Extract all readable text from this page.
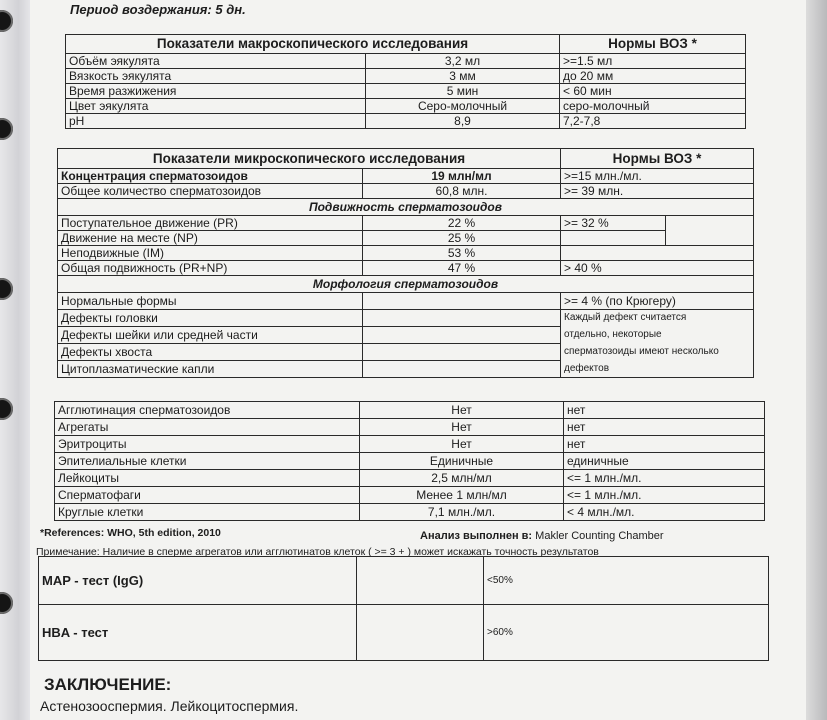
Период воздержания: 5 дн.
Показатели макроскопического исследования		Нормы ВОЗ *
Объём эякулята	3,2 мл	>=1.5 мл
Вязкость эякулята	3 мм	до 20 мм
Время разжижения	5 мин	< 60 мин
Цвет эякулята	Серо-молочный	серо-молочный
pH	8,9	7,2-7,8
Показатели микроскопического исследования		Нормы ВОЗ *	
Концентрация сперматозоидов	19 млн/мл	>=15 млн./мл.	
Общее количество сперматозоидов	60,8 млн.	>= 39 млн.	
Подвижность сперматозоидов			
Поступательное движение (PR)	22 %	>= 32 %	
Движение на месте (NP)	25 %		
Неподвижные (IM)	53 %		
Общая подвижность (PR+NP)	47 %	> 40 %	
Морфология сперматозоидов			
Нормальные формы		>= 4 % (по Крюгеру)	
Дефекты головки		Каждый дефект считается	
Дефекты шейки или средней части		отдельно, некоторые	
Дефекты хвоста		сперматозоиды имеют несколько	
Цитоплазматические капли		дефектов	
Агглютинация сперматозоидов	Нет	нет
Агрегаты	Нет	нет
Эритроциты	Нет	нет
Эпителиальные клетки	Единичные	единичные
Лейкоциты	2,5 млн/мл	<= 1 млн./мл.
Сперматофаги	Менее 1 млн/мл	<= 1 млн./мл.
Круглые клетки	7,1 млн./мл.	< 4 млн./мл.
*References: WHO, 5th edition, 2010	Анализ выполнен в: Makler Counting Chamber
Примечание: Наличие в сперме агрегатов или агглютинатов клеток ( >= 3 + ) может искажать точность результатов
MAP - тест (IgG)		<50%
HBA - тест		>60%
ЗАКЛЮЧЕНИЕ:
Астенозооспермия. Лейкоцитоспермия.
